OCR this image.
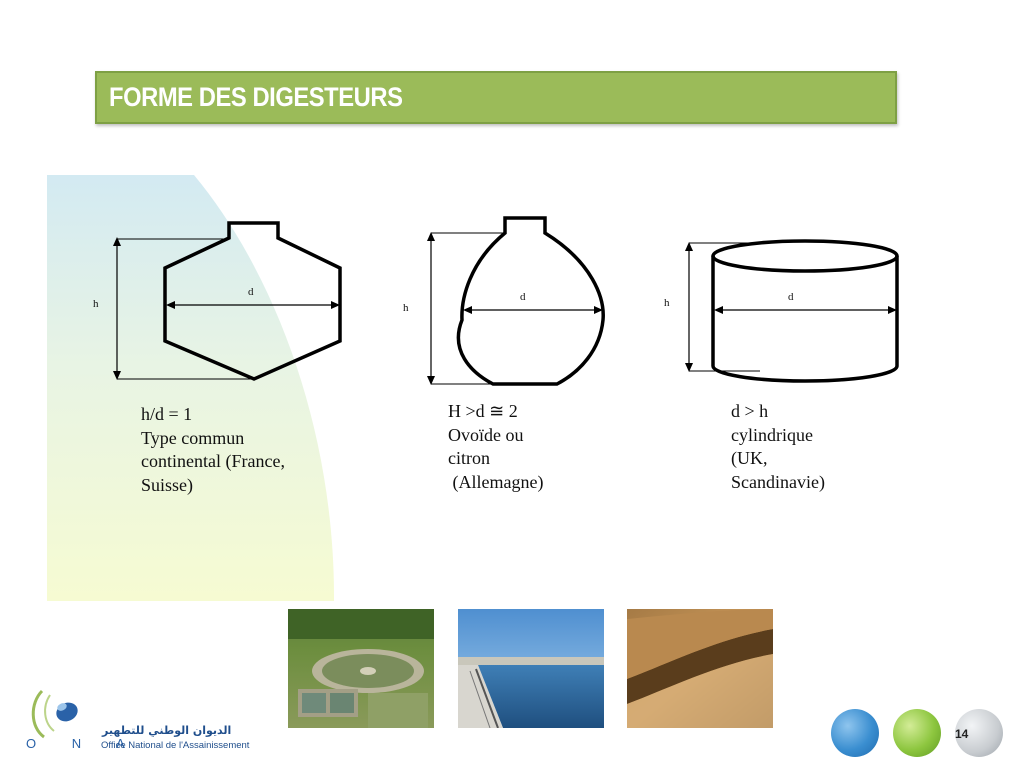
FORME DES DIGESTEURS
h
d
h
d	h	d
h/d = 1
Type commun
continental (France,
Suisse)
H >d ≅ 2
Ovoïde ou
citron
(Allemagne)
d > h
cylindrique
(UK,
Scandinavie)
الديوان الوطني للتطهير
O N A
Office National de l'Assainissement
14
